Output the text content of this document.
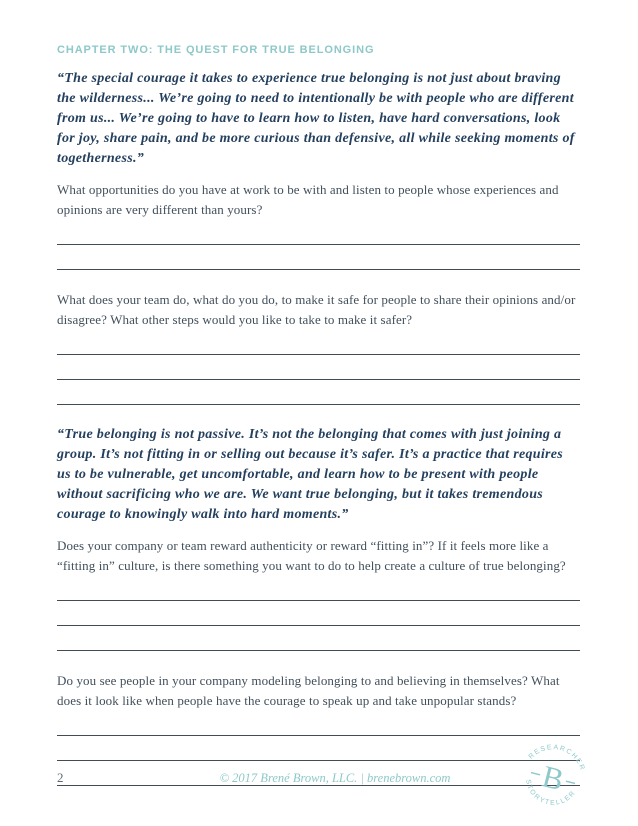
CHAPTER TWO: THE QUEST FOR TRUE BELONGING

“The special courage it takes to experience true belonging is not just about braving the wilderness... We’re going to need to intentionally be with people who are different from us... We’re going to have to learn how to listen, have hard conversations, look for joy, share pain, and be more curious than defensive, all while seeking moments of togetherness.”

What opportunities do you have at work to be with and listen to people whose experiences and opinions are very different than yours?

What does your team do, what do you do, to make it safe for people to share their opinions and/or disagree? What other steps would you like to take to make it safer?

“True belonging is not passive. It’s not the belonging that comes with just joining a group. It’s not fitting in or selling out because it’s safer. It’s a practice that requires us to be vulnerable, get uncomfortable, and learn how to be present with people without sacrificing who we are. We want true belonging, but it takes tremendous courage to knowingly walk into hard moments.”

Does your company or team reward authenticity or reward “fitting in”? If it feels more like a “fitting in” culture, is there something you want to do to help create a culture of true belonging?

Do you see people in your company modeling belonging to and believing in themselves? What does it look like when people have the courage to speak up and take unpopular stands?

2	© 2017 Brené Brown, LLC. | brenebrown.com
RESEARCHER
STORYTELLER
B
